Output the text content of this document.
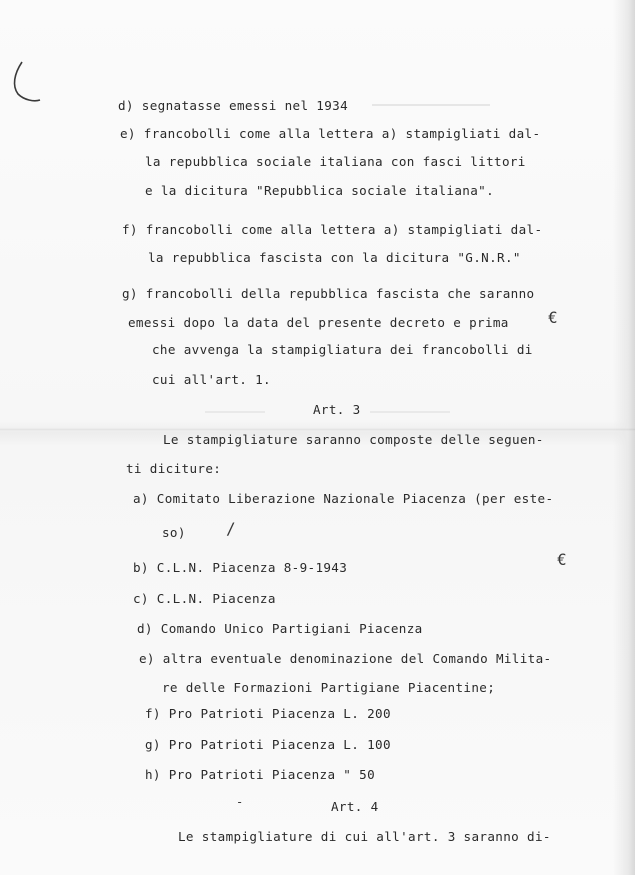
d) segnatasse emessi nel 1934
e) francobolli come alla lettera a) stampigliati dal-
la repubblica sociale italiana con fasci littori
e la dicitura "Repubblica sociale italiana".
f) francobolli come alla lettera a) stampigliati dal-
la repubblica fascista con la dicitura "G.N.R."
g) francobolli della repubblica fascista che saranno
emessi dopo la data del presente decreto e prima
che avvenga la stampigliatura dei francobolli di
cui all'art. 1.
Art. 3
Le stampigliature saranno composte delle seguen-
ti diciture:
a) Comitato Liberazione Nazionale Piacenza (per este-
so)
b) C.L.N. Piacenza 8-9-1943
c) C.L.N. Piacenza
d) Comando Unico Partigiani Piacenza
e) altra eventuale denominazione del Comando Milita-
re delle Formazioni Partigiane Piacentine;
f) Pro Patrioti Piacenza L. 200
g) Pro Patrioti Piacenza L. 100
h) Pro Patrioti Piacenza " 50
Art. 4
Le stampigliature di cui all'art. 3 saranno di-
€
€
/
-
